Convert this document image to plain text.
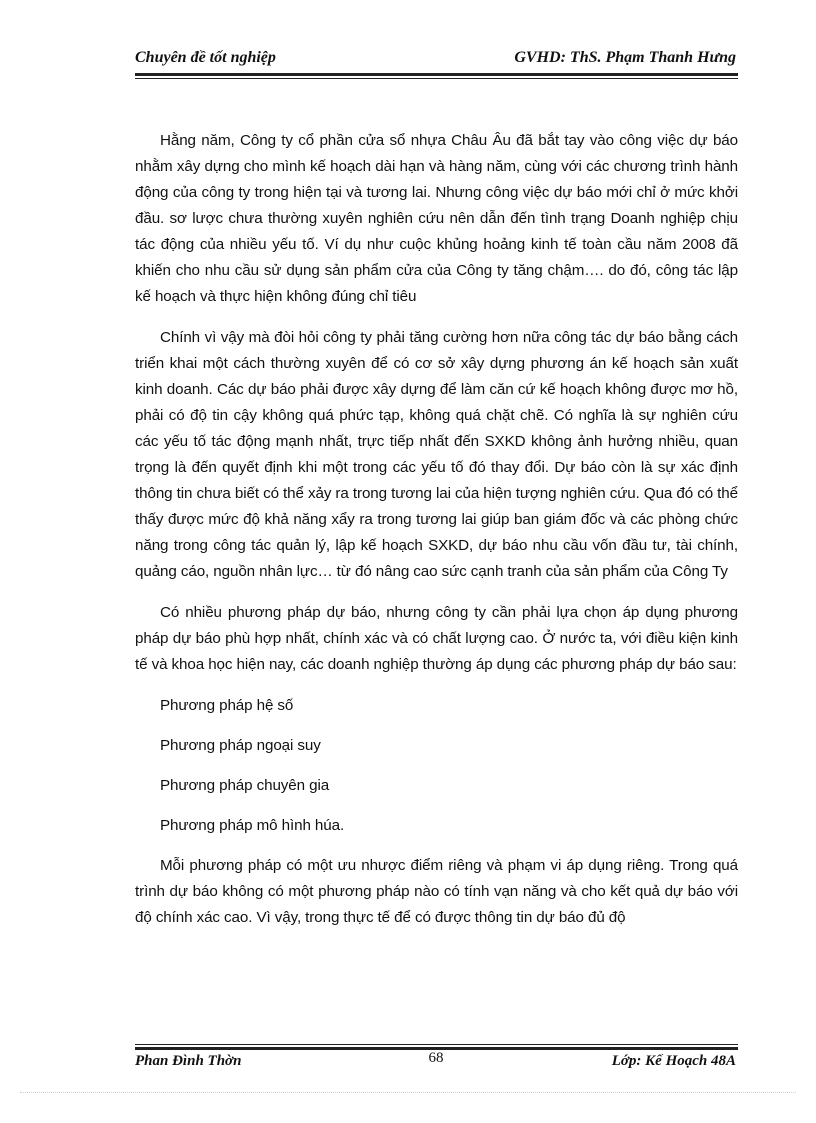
Chuyên đề tốt nghiệp	GVHD: ThS. Phạm Thanh Hưng

Hằng năm, Công ty cổ phần cửa sổ nhựa Châu Âu đã bắt tay vào công việc dự báo nhằm xây dựng cho mình kế hoạch dài hạn và hàng năm, cùng với các chương trình hành động của công ty trong hiện tại và tương lai. Nhưng công việc dự báo mới chỉ ở mức khởi đầu. sơ lược chưa thường xuyên nghiên cứu nên dẫn đến tình trạng Doanh nghiệp chịu tác động của nhiều yếu tố. Ví dụ như cuộc khủng hoảng kinh tế toàn cầu năm 2008 đã khiến cho nhu cầu sử dụng sản phẩm cửa của Công ty tăng chậm…. do đó, công tác lập kế hoạch và thực hiện không đúng chỉ tiêu

Chính vì vậy mà đòi hỏi công ty phải tăng cường hơn nữa công tác dự báo bằng cách triển khai một cách thường xuyên để có cơ sở xây dựng phương án kế hoạch sản xuất kinh doanh. Các dự báo phải được xây dựng để làm căn cứ kế hoạch không được mơ hồ, phải có độ tin cậy không quá phức tạp, không quá chặt chẽ. Có nghĩa là sự nghiên cứu các yếu tố tác động mạnh nhất, trực tiếp nhất đến SXKD không ảnh hưởng nhiều, quan trọng là đến quyết định khi một trong các yếu tố đó thay đổi. Dự báo còn là sự xác định thông tin chưa biết có thể xảy ra trong tương lai của hiện tượng nghiên cứu. Qua đó có thể thấy được mức độ khả năng xẩy ra trong tương lai giúp ban giám đốc và các phòng chức năng trong công tác quản lý, lập kế hoạch SXKD, dự báo nhu cầu vốn đầu tư, tài chính, quảng cáo, nguồn nhân lực… từ đó nâng cao sức cạnh tranh của sản phẩm của Công Ty

Có nhiều phương pháp dự báo, nhưng công ty cần phải lựa chọn áp dụng phương pháp dự báo phù hợp nhất, chính xác và có chất lượng cao. Ở nước ta, với điều kiện kinh tế và khoa học hiện nay, các doanh nghiệp thường áp dụng các phương pháp dự báo sau:

Phương pháp hệ số

Phương pháp ngoại suy

Phương pháp chuyên gia

Phương pháp mô hình húa.

Mỗi phương pháp có một ưu nhược điểm riêng và phạm vi áp dụng riêng. Trong quá trình dự báo không có một phương pháp nào có tính vạn năng và cho kết quả dự báo với độ chính xác cao. Vì vậy, trong thực tế để có được thông tin dự báo đủ độ

68
Phan Đình Thờn	Lớp: Kế Hoạch 48A
